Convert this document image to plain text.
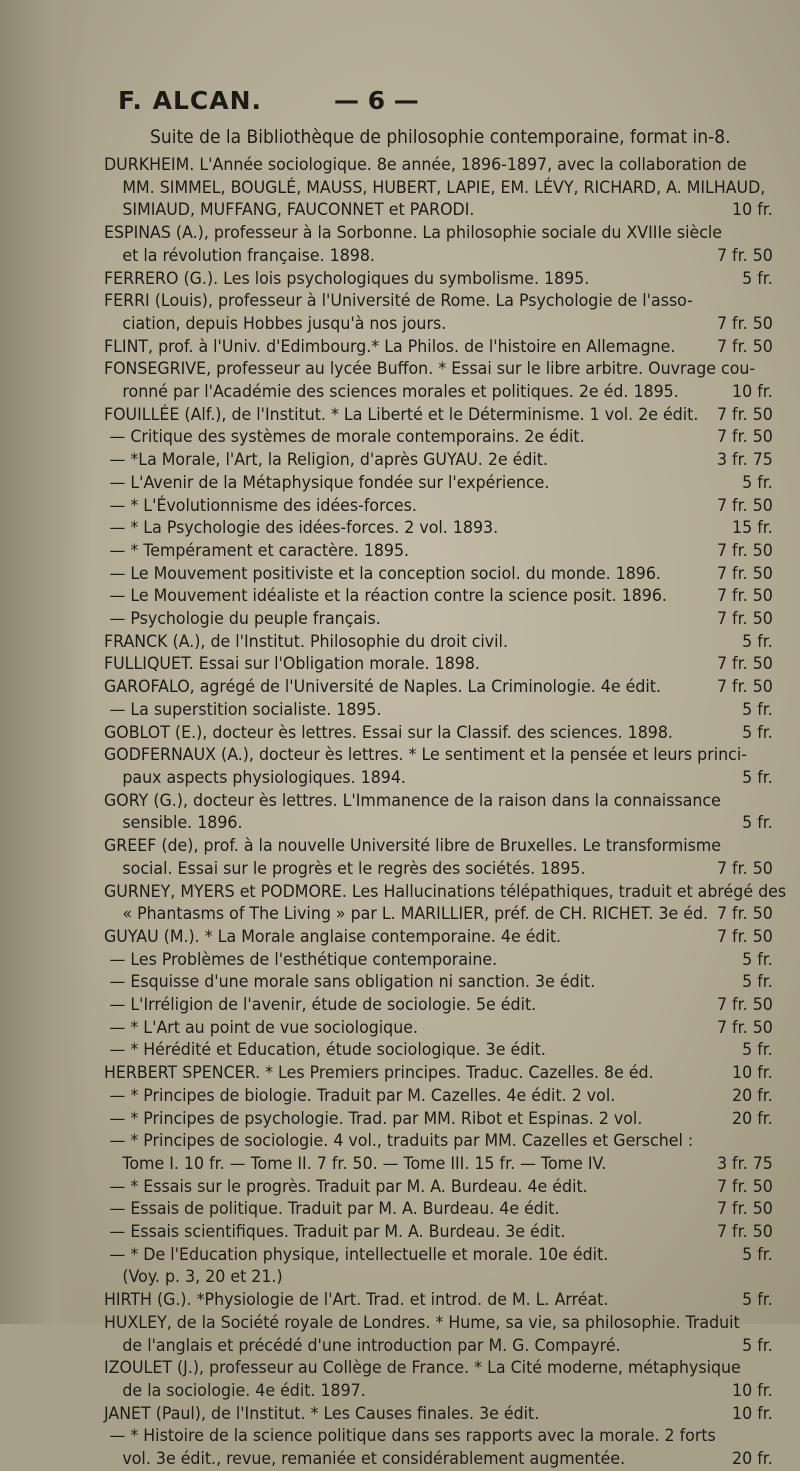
F. ALCAN.	— 6 —
Suite de la Bibliothèque de philosophie contemporaine, format in-8.
DURKHEIM. L'Année sociologique. 8e année, 1896-1897, avec la collaboration de
MM. SIMMEL, BOUGLÉ, MAUSS, HUBERT, LAPIE, EM. LÉVY, RICHARD, A. MILHAUD,
SIMIAUD, MUFFANG, FAUCONNET et PARODI.	10 fr.
ESPINAS (A.), professeur à la Sorbonne. La philosophie sociale du XVIIIe siècle
et la révolution française. 1898.	7 fr. 50
FERRERO (G.). Les lois psychologiques du symbolisme. 1895.	5 fr.
FERRI (Louis), professeur à l'Université de Rome. La Psychologie de l'asso-
ciation, depuis Hobbes jusqu'à nos jours.	7 fr. 50
FLINT, prof. à l'Univ. d'Edimbourg.* La Philos. de l'histoire en Allemagne.	7 fr. 50
FONSEGRIVE, professeur au lycée Buffon. * Essai sur le libre arbitre. Ouvrage cou-
ronné par l'Académie des sciences morales et politiques. 2e éd. 1895.	10 fr.
FOUILLÉE (Alf.), de l'Institut. * La Liberté et le Déterminisme. 1 vol. 2e édit.	7 fr. 50
— Critique des systèmes de morale contemporains. 2e édit.	7 fr. 50
— *La Morale, l'Art, la Religion, d'après GUYAU. 2e édit.	3 fr. 75
— L'Avenir de la Métaphysique fondée sur l'expérience.	5 fr.
— * L'Évolutionnisme des idées-forces.	7 fr. 50
— * La Psychologie des idées-forces. 2 vol. 1893.	15 fr.
— * Tempérament et caractère. 1895.	7 fr. 50
— Le Mouvement positiviste et la conception sociol. du monde. 1896.	7 fr. 50
— Le Mouvement idéaliste et la réaction contre la science posit. 1896.	7 fr. 50
— Psychologie du peuple français.	7 fr. 50
FRANCK (A.), de l'Institut. Philosophie du droit civil.	5 fr.
FULLIQUET. Essai sur l'Obligation morale. 1898.	7 fr. 50
GAROFALO, agrégé de l'Université de Naples. La Criminologie. 4e édit.	7 fr. 50
— La superstition socialiste. 1895.	5 fr.
GOBLOT (E.), docteur ès lettres. Essai sur la Classif. des sciences. 1898.	5 fr.
GODFERNAUX (A.), docteur ès lettres. * Le sentiment et la pensée et leurs princi-
paux aspects physiologiques. 1894.	5 fr.
GORY (G.), docteur ès lettres. L'Immanence de la raison dans la connaissance
sensible. 1896.	5 fr.
GREEF (de), prof. à la nouvelle Université libre de Bruxelles. Le transformisme
social. Essai sur le progrès et le regrès des sociétés. 1895.	7 fr. 50
GURNEY, MYERS et PODMORE. Les Hallucinations télépathiques, traduit et abrégé des
« Phantasms of The Living » par L. MARILLIER, préf. de CH. RICHET. 3e éd. 7 fr. 50
GUYAU (M.). * La Morale anglaise contemporaine. 4e édit.	7 fr. 50
— Les Problèmes de l'esthétique contemporaine.	5 fr.
— Esquisse d'une morale sans obligation ni sanction. 3e édit.	5 fr.
— L'Irréligion de l'avenir, étude de sociologie. 5e édit.	7 fr. 50
— * L'Art au point de vue sociologique.	7 fr. 50
— * Hérédité et Education, étude sociologique. 3e édit.	5 fr.
HERBERT SPENCER. * Les Premiers principes. Traduc. Cazelles. 8e éd.	10 fr.
— * Principes de biologie. Traduit par M. Cazelles. 4e édit. 2 vol.	20 fr.
— * Principes de psychologie. Trad. par MM. Ribot et Espinas. 2 vol.	20 fr.
— * Principes de sociologie. 4 vol., traduits par MM. Cazelles et Gerschel :
Tome I. 10 fr. — Tome II. 7 fr. 50. — Tome III. 15 fr. — Tome IV.	3 fr. 75
— * Essais sur le progrès. Traduit par M. A. Burdeau. 4e édit.	7 fr. 50
— Essais de politique. Traduit par M. A. Burdeau. 4e édit.	7 fr. 50
— Essais scientifiques. Traduit par M. A. Burdeau. 3e édit.	7 fr. 50
— * De l'Education physique, intellectuelle et morale. 10e édit.	5 fr.
(Voy. p. 3, 20 et 21.)
HIRTH (G.). *Physiologie de l'Art. Trad. et introd. de M. L. Arréat.	5 fr.
HUXLEY, de la Société royale de Londres. * Hume, sa vie, sa philosophie. Traduit
de l'anglais et précédé d'une introduction par M. G. Compayré.	5 fr.
IZOULET (J.), professeur au Collège de France. * La Cité moderne, métaphysique
de la sociologie. 4e édit. 1897.	10 fr.
JANET (Paul), de l'Institut. * Les Causes finales. 3e édit.	10 fr.
— * Histoire de la science politique dans ses rapports avec la morale. 2 forts
vol. 3e édit., revue, remaniée et considérablement augmentée.	20 fr.
